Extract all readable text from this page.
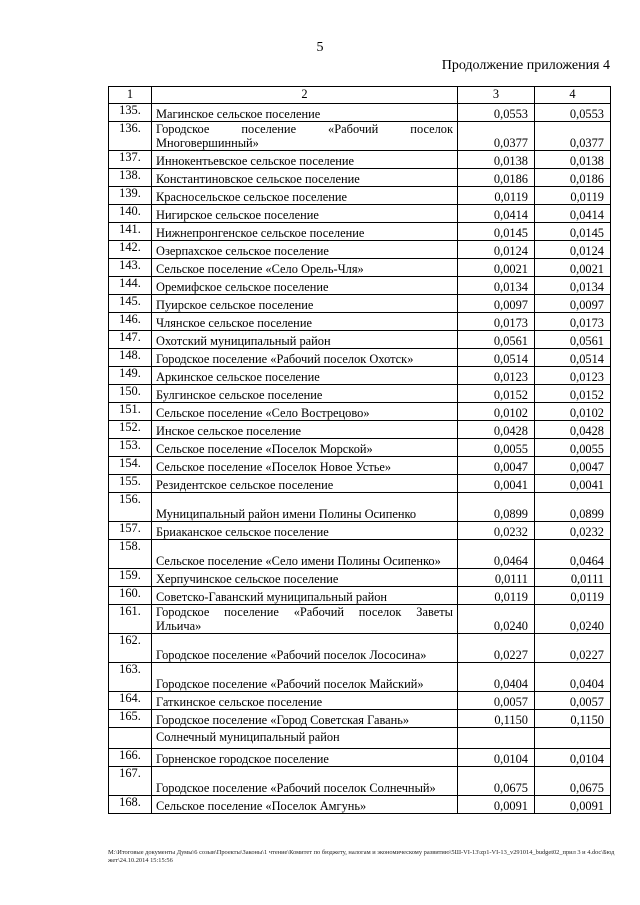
5
Продолжение приложения 4
1	2	3	4
135.	Магинское сельское поселение	0,0553	0,0553
136.	Городское поселение «Рабочий поселок Многовершинный»	0,0377	0,0377
137.	Иннокентьевское сельское поселение	0,0138	0,0138
138.	Константиновское сельское поселение	0,0186	0,0186
139.	Красносельское сельское поселение	0,0119	0,0119
140.	Нигирское сельское поселение	0,0414	0,0414
141.	Нижнепронгенское сельское поселение	0,0145	0,0145
142.	Озерпахское сельское поселение	0,0124	0,0124
143.	Сельское поселение «Село Орель-Чля»	0,0021	0,0021
144.	Оремифское сельское поселение	0,0134	0,0134
145.	Пуирское сельское поселение	0,0097	0,0097
146.	Члянское сельское поселение	0,0173	0,0173
147.	Охотский муниципальный район	0,0561	0,0561
148.	Городское поселение «Рабочий поселок Охотск»	0,0514	0,0514
149.	Аркинское сельское поселение	0,0123	0,0123
150.	Булгинское сельское поселение	0,0152	0,0152
151.	Сельское поселение «Село Вострецово»	0,0102	0,0102
152.	Инское сельское поселение	0,0428	0,0428
153.	Сельское поселение «Поселок Морской»	0,0055	0,0055
154.	Сельское поселение «Поселок Новое Устье»	0,0047	0,0047
155.	Резидентское сельское поселение	0,0041	0,0041
156.	Муниципальный район имени Полины Осипенко	0,0899	0,0899
157.	Бриаканское сельское поселение	0,0232	0,0232
158.	Сельское поселение «Село имени Полины Осипенко»	0,0464	0,0464
159.	Херпучинское сельское поселение	0,0111	0,0111
160.	Советско-Гаванский муниципальный район	0,0119	0,0119
161.	Городское поселение «Рабочий поселок Заветы Ильича»	0,0240	0,0240
162.	Городское поселение «Рабочий поселок Лососина»	0,0227	0,0227
163.	Городское поселение «Рабочий поселок Майский»	0,0404	0,0404
164.	Гаткинское сельское поселение	0,0057	0,0057
165.	Городское поселение «Город Советская Гавань»	0,1150	0,1150
	Солнечный муниципальный район		
166.	Горненское городское поселение	0,0104	0,0104
167.	Городское поселение «Рабочий поселок Солнечный»	0,0675	0,0675
168.	Сельское поселение «Поселок Амгунь»	0,0091	0,0091
M:\Итоговые документы Думы\6 созыв\Проекты\Законы\1 чтение\Комитет по бюджету, налогам и экономическому развитию\5Ш-VI-13\zp1-VI-13_v291014_budget02_прил 3 и 4.doc\Бюджет\24.10.2014 15:15:56
